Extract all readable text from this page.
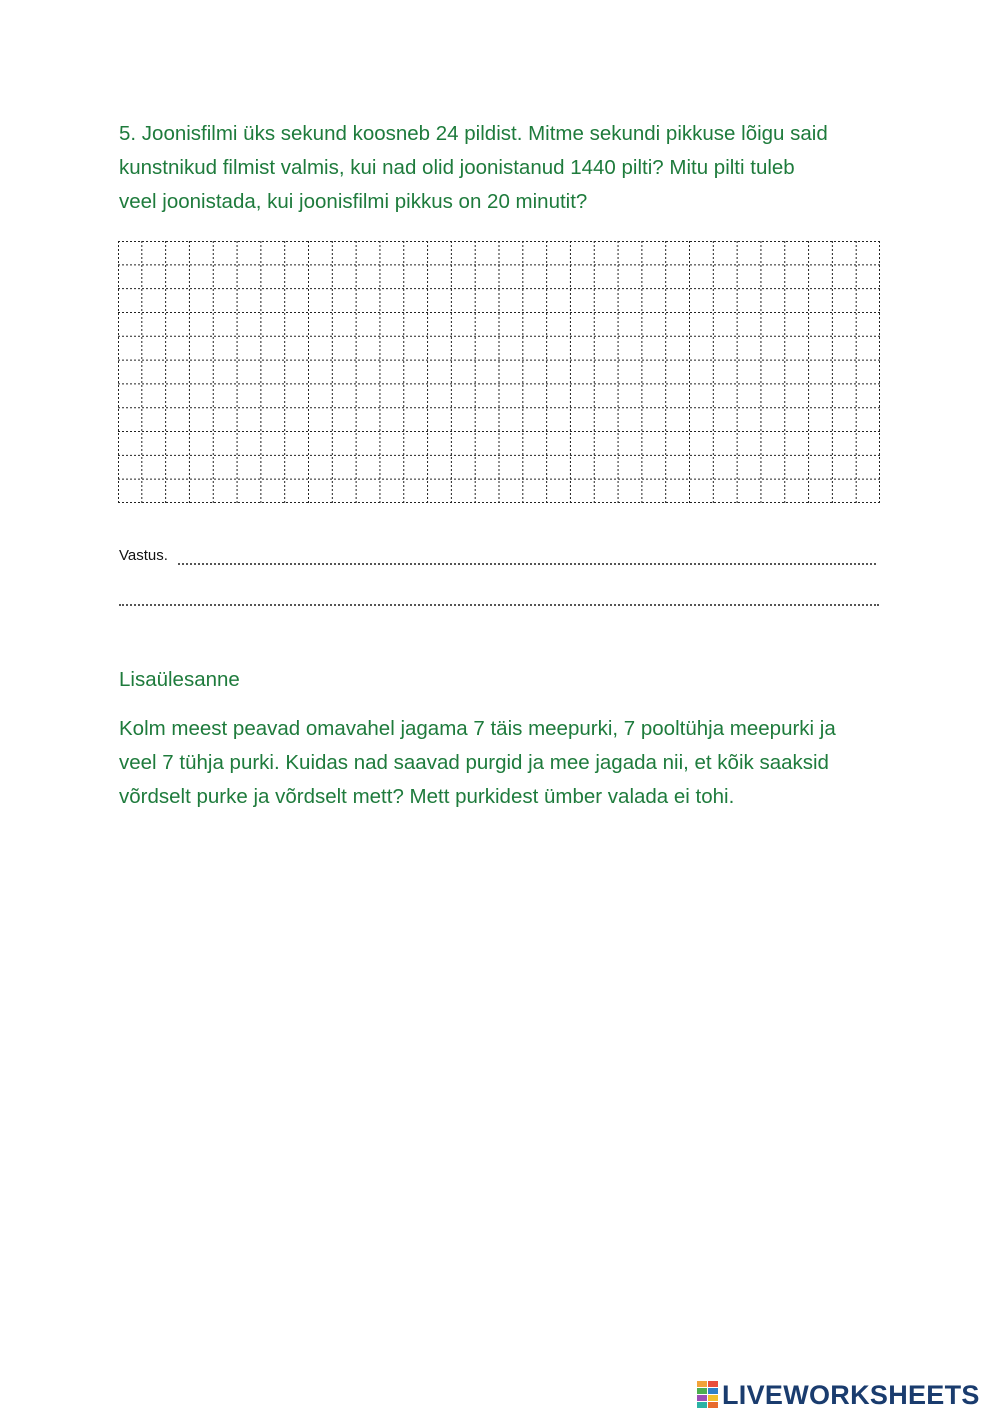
5. Joonisfilmi üks sekund koosneb 24 pildist. Mitme sekundi pikkuse lõigu said
kunstnikud filmist valmis, kui nad olid joonistanud 1440 pilti? Mitu pilti tuleb
veel joonistada, kui joonisfilmi pikkus on 20 minutit?
Vastus.
Lisaülesanne
Kolm meest peavad omavahel jagama 7 täis meepurki, 7 pooltühja meepurki ja
veel 7 tühja purki. Kuidas nad saavad purgid ja mee jagada nii, et kõik saaksid
võrdselt purke ja võrdselt mett? Mett purkidest ümber valada ei tohi.
LIVEWORKSHEETS
